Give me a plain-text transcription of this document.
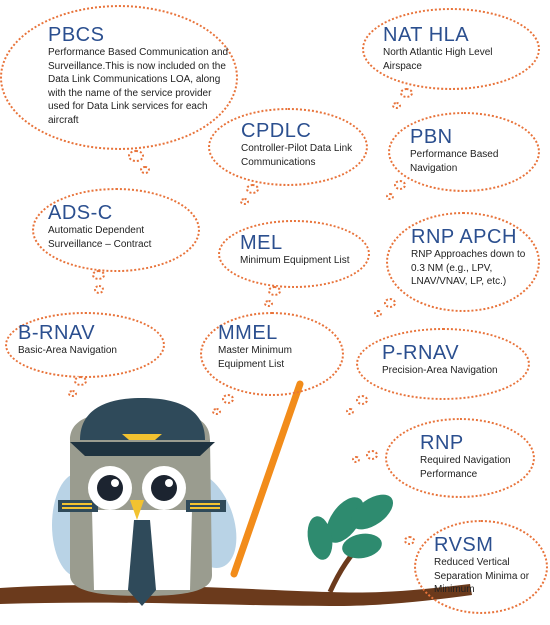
PBCS
Performance Based Communication and Surveillance.This is now included on the Data Link Communications LOA, along with the name of the service provider used for Data Link services for each aircraft
NAT HLA
North Atlantic High Level Airspace
CPDLC
Controller-Pilot Data Link Communications
PBN
Performance Based Navigation
ADS-C
Automatic Dependent Surveillance – Contract	MEL
Minimum Equipment List
RNP APCH
RNP Approaches down to 0.3 NM (e.g., LPV, LNAV/VNAV, LP, etc.)
B-RNAV
Basic-Area Navigation
MMEL
Master Minimum Equipment List	P-RNAV
Precision-Area Navigation
RNP
Required Navigation Performance
RVSM
Reduced Vertical Separation Minima or Minimum
